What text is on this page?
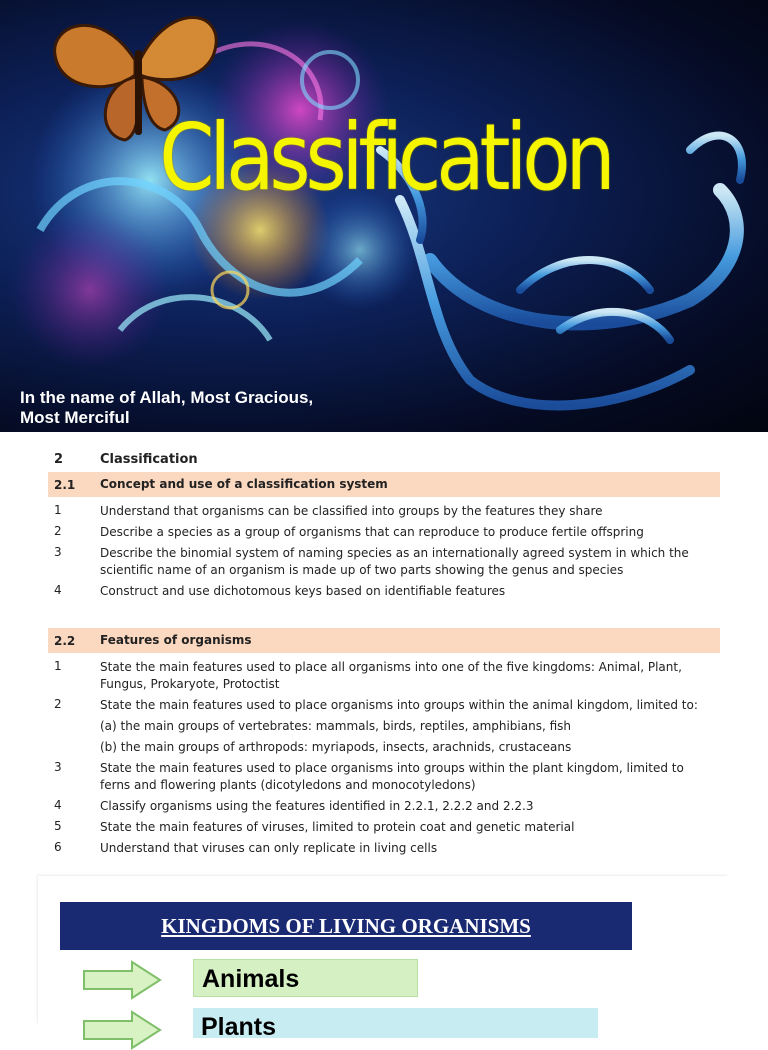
Classification
In the name of Allah, Most Gracious,
Most Merciful
2	Classification
2.1	Concept and use of a classification system
1	Understand that organisms can be classified into groups by the features they share
2	Describe a species as a group of organisms that can reproduce to produce fertile offspring
3	Describe the binomial system of naming species as an internationally agreed system in which the scientific name of an organism is made up of two parts showing the genus and species
4	Construct and use dichotomous keys based on identifiable features
2.2	Features of organisms
1	State the main features used to place all organisms into one of the five kingdoms: Animal, Plant, Fungus, Prokaryote, Protoctist
2	State the main features used to place organisms into groups within the animal kingdom, limited to:
(a) the main groups of vertebrates: mammals, birds, reptiles, amphibians, fish
(b) the main groups of arthropods: myriapods, insects, arachnids, crustaceans
3	State the main features used to place organisms into groups within the plant kingdom, limited to ferns and flowering plants (dicotyledons and monocotyledons)
4	Classify organisms using the features identified in 2.2.1, 2.2.2 and 2.2.3
5	State the main features of viruses, limited to protein coat and genetic material
6	Understand that viruses can only replicate in living cells
KINGDOMS OF LIVING ORGANISMS
Animals
Plants
